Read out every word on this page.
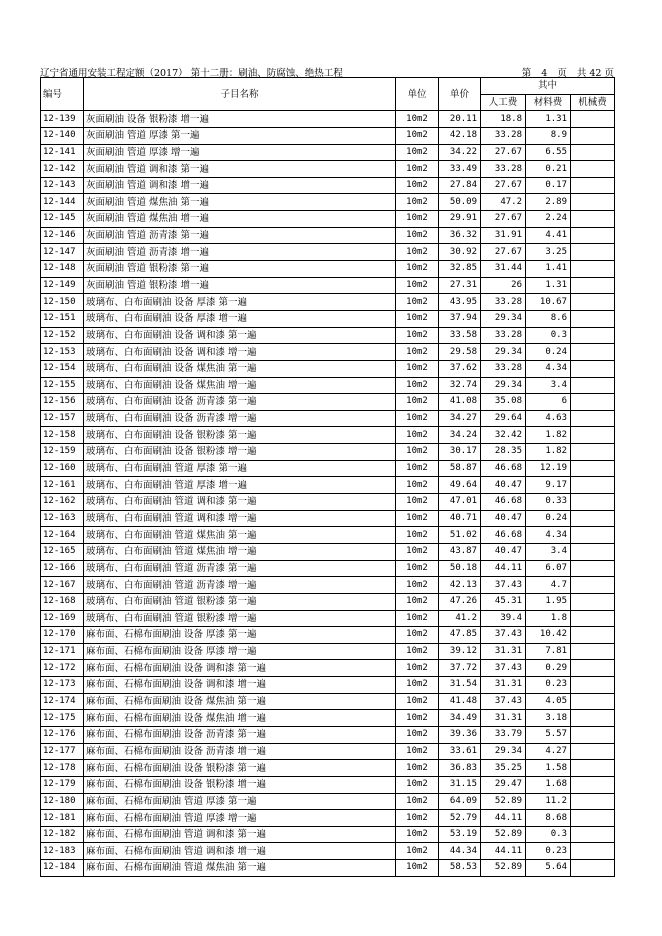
辽宁省通用安装工程定额（2017） 第十二册：刷油、防腐蚀、绝热工程	第 4 页 共 42 页
编号	子目名称	单位	单价	其中		
				人工费	材料费	机械费
12-139	灰面刷油 设备 银粉漆 增一遍	10m2	20.11	18.8	1.31	
12-140	灰面刷油 管道 厚漆 第一遍	10m2	42.18	33.28	8.9	
12-141	灰面刷油 管道 厚漆 增一遍	10m2	34.22	27.67	6.55	
12-142	灰面刷油 管道 调和漆 第一遍	10m2	33.49	33.28	0.21	
12-143	灰面刷油 管道 调和漆 增一遍	10m2	27.84	27.67	0.17	
12-144	灰面刷油 管道 煤焦油 第一遍	10m2	50.09	47.2	2.89	
12-145	灰面刷油 管道 煤焦油 增一遍	10m2	29.91	27.67	2.24	
12-146	灰面刷油 管道 沥青漆 第一遍	10m2	36.32	31.91	4.41	
12-147	灰面刷油 管道 沥青漆 增一遍	10m2	30.92	27.67	3.25	
12-148	灰面刷油 管道 银粉漆 第一遍	10m2	32.85	31.44	1.41	
12-149	灰面刷油 管道 银粉漆 增一遍	10m2	27.31	26	1.31	
12-150	玻璃布、白布面刷油 设备 厚漆 第一遍	10m2	43.95	33.28	10.67	
12-151	玻璃布、白布面刷油 设备 厚漆 增一遍	10m2	37.94	29.34	8.6	
12-152	玻璃布、白布面刷油 设备 调和漆 第一遍	10m2	33.58	33.28	0.3	
12-153	玻璃布、白布面刷油 设备 调和漆 增一遍	10m2	29.58	29.34	0.24	
12-154	玻璃布、白布面刷油 设备 煤焦油 第一遍	10m2	37.62	33.28	4.34	
12-155	玻璃布、白布面刷油 设备 煤焦油 增一遍	10m2	32.74	29.34	3.4	
12-156	玻璃布、白布面刷油 设备 沥青漆 第一遍	10m2	41.08	35.08	6	
12-157	玻璃布、白布面刷油 设备 沥青漆 增一遍	10m2	34.27	29.64	4.63	
12-158	玻璃布、白布面刷油 设备 银粉漆 第一遍	10m2	34.24	32.42	1.82	
12-159	玻璃布、白布面刷油 设备 银粉漆 增一遍	10m2	30.17	28.35	1.82	
12-160	玻璃布、白布面刷油 管道 厚漆 第一遍	10m2	58.87	46.68	12.19	
12-161	玻璃布、白布面刷油 管道 厚漆 增一遍	10m2	49.64	40.47	9.17	
12-162	玻璃布、白布面刷油 管道 调和漆 第一遍	10m2	47.01	46.68	0.33	
12-163	玻璃布、白布面刷油 管道 调和漆 增一遍	10m2	40.71	40.47	0.24	
12-164	玻璃布、白布面刷油 管道 煤焦油 第一遍	10m2	51.02	46.68	4.34	
12-165	玻璃布、白布面刷油 管道 煤焦油 增一遍	10m2	43.87	40.47	3.4	
12-166	玻璃布、白布面刷油 管道 沥青漆 第一遍	10m2	50.18	44.11	6.07	
12-167	玻璃布、白布面刷油 管道 沥青漆 增一遍	10m2	42.13	37.43	4.7	
12-168	玻璃布、白布面刷油 管道 银粉漆 第一遍	10m2	47.26	45.31	1.95	
12-169	玻璃布、白布面刷油 管道 银粉漆 增一遍	10m2	41.2	39.4	1.8	
12-170	麻布面、石棉布面刷油 设备 厚漆 第一遍	10m2	47.85	37.43	10.42	
12-171	麻布面、石棉布面刷油 设备 厚漆 增一遍	10m2	39.12	31.31	7.81	
12-172	麻布面、石棉布面刷油 设备 调和漆 第一遍	10m2	37.72	37.43	0.29	
12-173	麻布面、石棉布面刷油 设备 调和漆 增一遍	10m2	31.54	31.31	0.23	
12-174	麻布面、石棉布面刷油 设备 煤焦油 第一遍	10m2	41.48	37.43	4.05	
12-175	麻布面、石棉布面刷油 设备 煤焦油 增一遍	10m2	34.49	31.31	3.18	
12-176	麻布面、石棉布面刷油 设备 沥青漆 第一遍	10m2	39.36	33.79	5.57	
12-177	麻布面、石棉布面刷油 设备 沥青漆 增一遍	10m2	33.61	29.34	4.27	
12-178	麻布面、石棉布面刷油 设备 银粉漆 第一遍	10m2	36.83	35.25	1.58	
12-179	麻布面、石棉布面刷油 设备 银粉漆 增一遍	10m2	31.15	29.47	1.68	
12-180	麻布面、石棉布面刷油 管道 厚漆 第一遍	10m2	64.09	52.89	11.2	
12-181	麻布面、石棉布面刷油 管道 厚漆 增一遍	10m2	52.79	44.11	8.68	
12-182	麻布面、石棉布面刷油 管道 调和漆 第一遍	10m2	53.19	52.89	0.3	
12-183	麻布面、石棉布面刷油 管道 调和漆 增一遍	10m2	44.34	44.11	0.23	
12-184	麻布面、石棉布面刷油 管道 煤焦油 第一遍	10m2	58.53	52.89	5.64	
